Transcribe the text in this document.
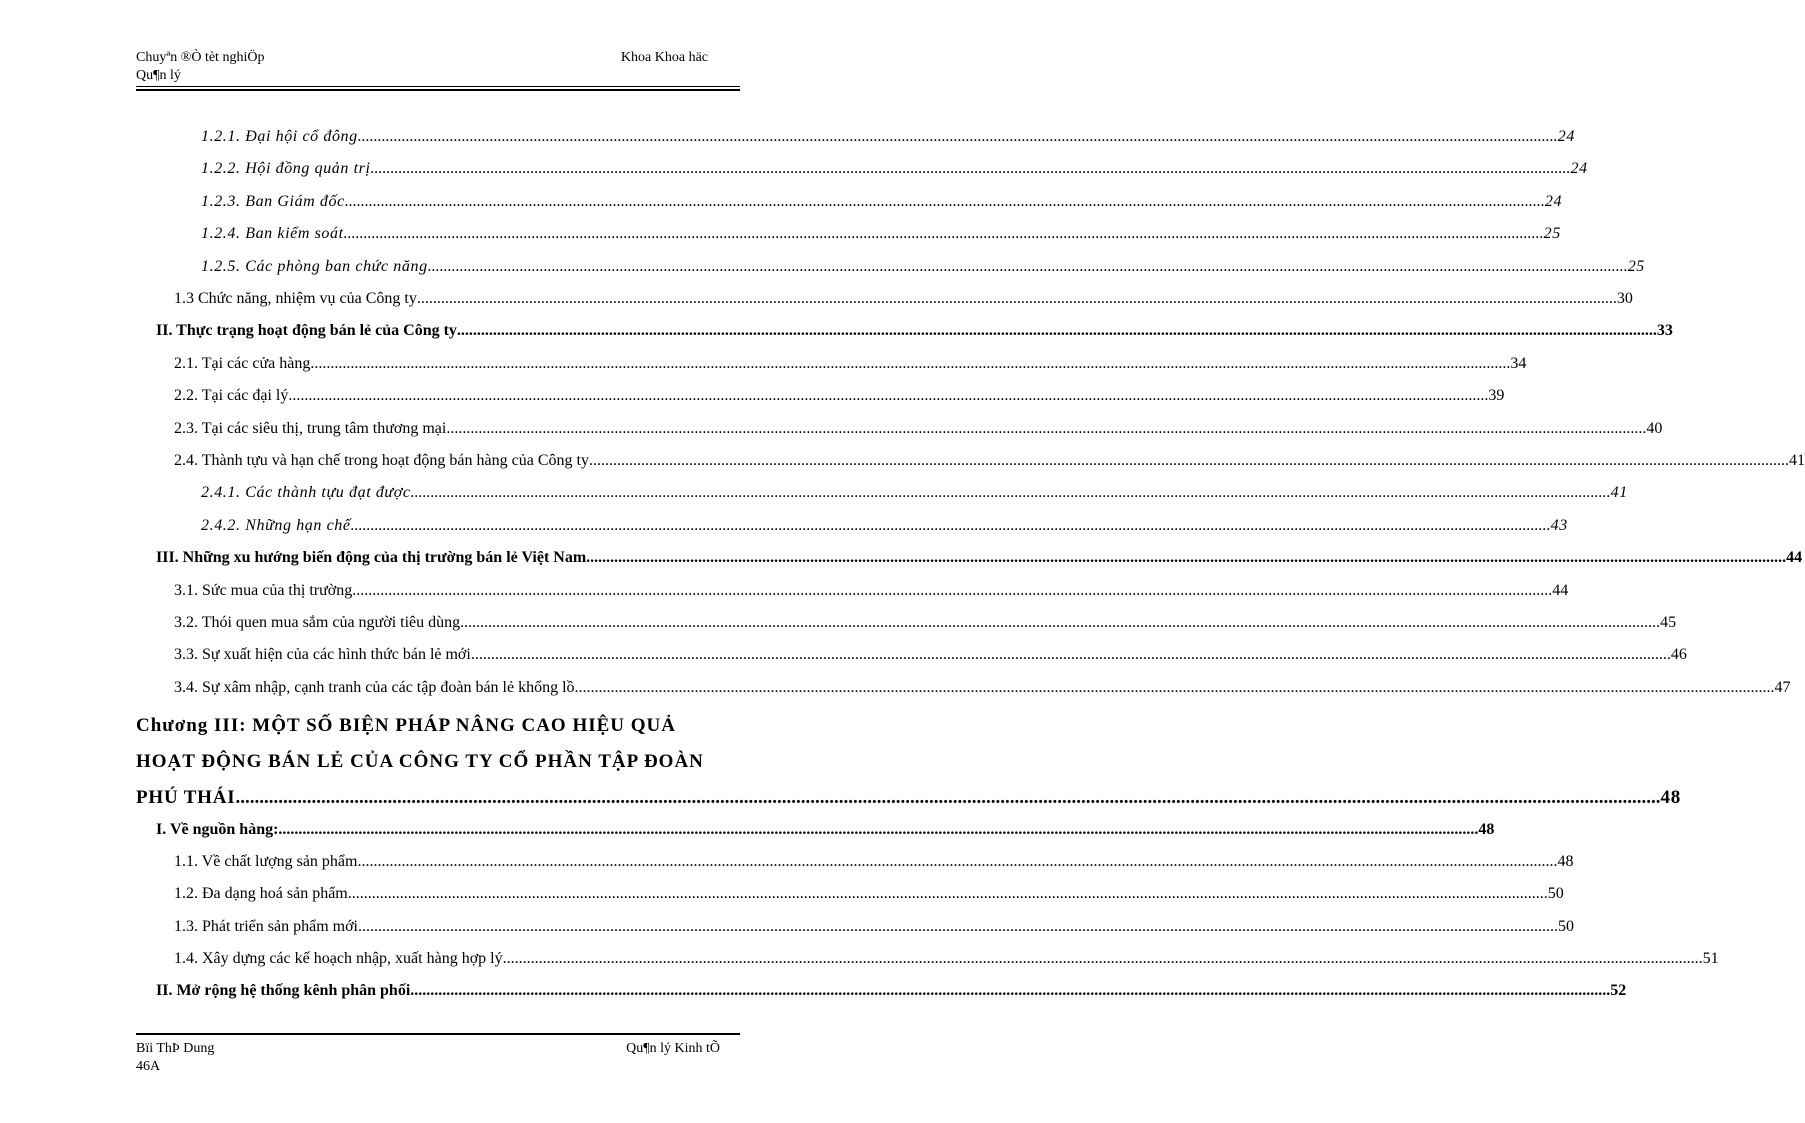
Chuyªn ®Ò tèt nghiÖp
Qu¶n lý
Khoa Khoa häc
1.2.1. Đại hội cổ đông ............................................................................................................................................................................................................................................................................................................ 24
1.2.2. Hội đồng quản trị ............................................................................................................................................................................................................................................................................................................ 24
1.2.3. Ban Giám đốc ............................................................................................................................................................................................................................................................................................................ 24
1.2.4. Ban kiểm soát ............................................................................................................................................................................................................................................................................................................ 25
1.2.5. Các phòng ban chức năng ............................................................................................................................................................................................................................................................................................................ 25
1.3 Chức năng, nhiệm vụ của Công ty ............................................................................................................................................................................................................................................................................................................ 30
II. Thực trạng hoạt động bán lẻ của Công ty ............................................................................................................................................................................................................................................................................................................ 33
2.1. Tại các cửa hàng ............................................................................................................................................................................................................................................................................................................ 34
2.2. Tại các đại lý ............................................................................................................................................................................................................................................................................................................ 39
2.3. Tại các siêu thị, trung tâm thương mại ............................................................................................................................................................................................................................................................................................................ 40
2.4. Thành tựu và hạn chế trong hoạt động bán hàng của Công ty ............................................................................................................................................................................................................................................................................................................ 41
2.4.1. Các thành tựu đạt được ............................................................................................................................................................................................................................................................................................................ 41
2.4.2. Những hạn chế ............................................................................................................................................................................................................................................................................................................ 43
III. Những xu hướng biến động của thị trường bán lẻ Việt Nam ............................................................................................................................................................................................................................................................................................................ 44
3.1. Sức mua của thị trường ............................................................................................................................................................................................................................................................................................................ 44
3.2. Thói quen mua sắm của người tiêu dùng ............................................................................................................................................................................................................................................................................................................ 45
3.3. Sự xuất hiện của các hình thức bán lẻ mới ............................................................................................................................................................................................................................................................................................................ 46
3.4. Sự xâm nhập, cạnh tranh của các tập đoàn bán lẻ khổng lồ ............................................................................................................................................................................................................................................................................................................ 47
Chương III: MỘT SỐ BIỆN PHÁP NÂNG CAO HIỆU QUẢ
HOẠT ĐỘNG BÁN LẺ CỦA CÔNG TY CỔ PHẦN TẬP ĐOÀN
PHÚ THÁI ............................................................................................................................................................................................................................................................................................................ 48
I. Về nguồn hàng: ............................................................................................................................................................................................................................................................................................................ 48
1.1. Về chất lượng sản phẩm ............................................................................................................................................................................................................................................................................................................ 48
1.2. Đa dạng hoá sản phẩm ............................................................................................................................................................................................................................................................................................................ 50
1.3. Phát triển sản phẩm mới ............................................................................................................................................................................................................................................................................................................ 50
1.4. Xây dựng các kế hoạch nhập, xuất hàng hợp lý ............................................................................................................................................................................................................................................................................................................ 51
II. Mở rộng hệ thống kênh phân phối ............................................................................................................................................................................................................................................................................................................ 52
Bïi ThÞ Dung
46A
Qu¶n lý Kinh tÕ
